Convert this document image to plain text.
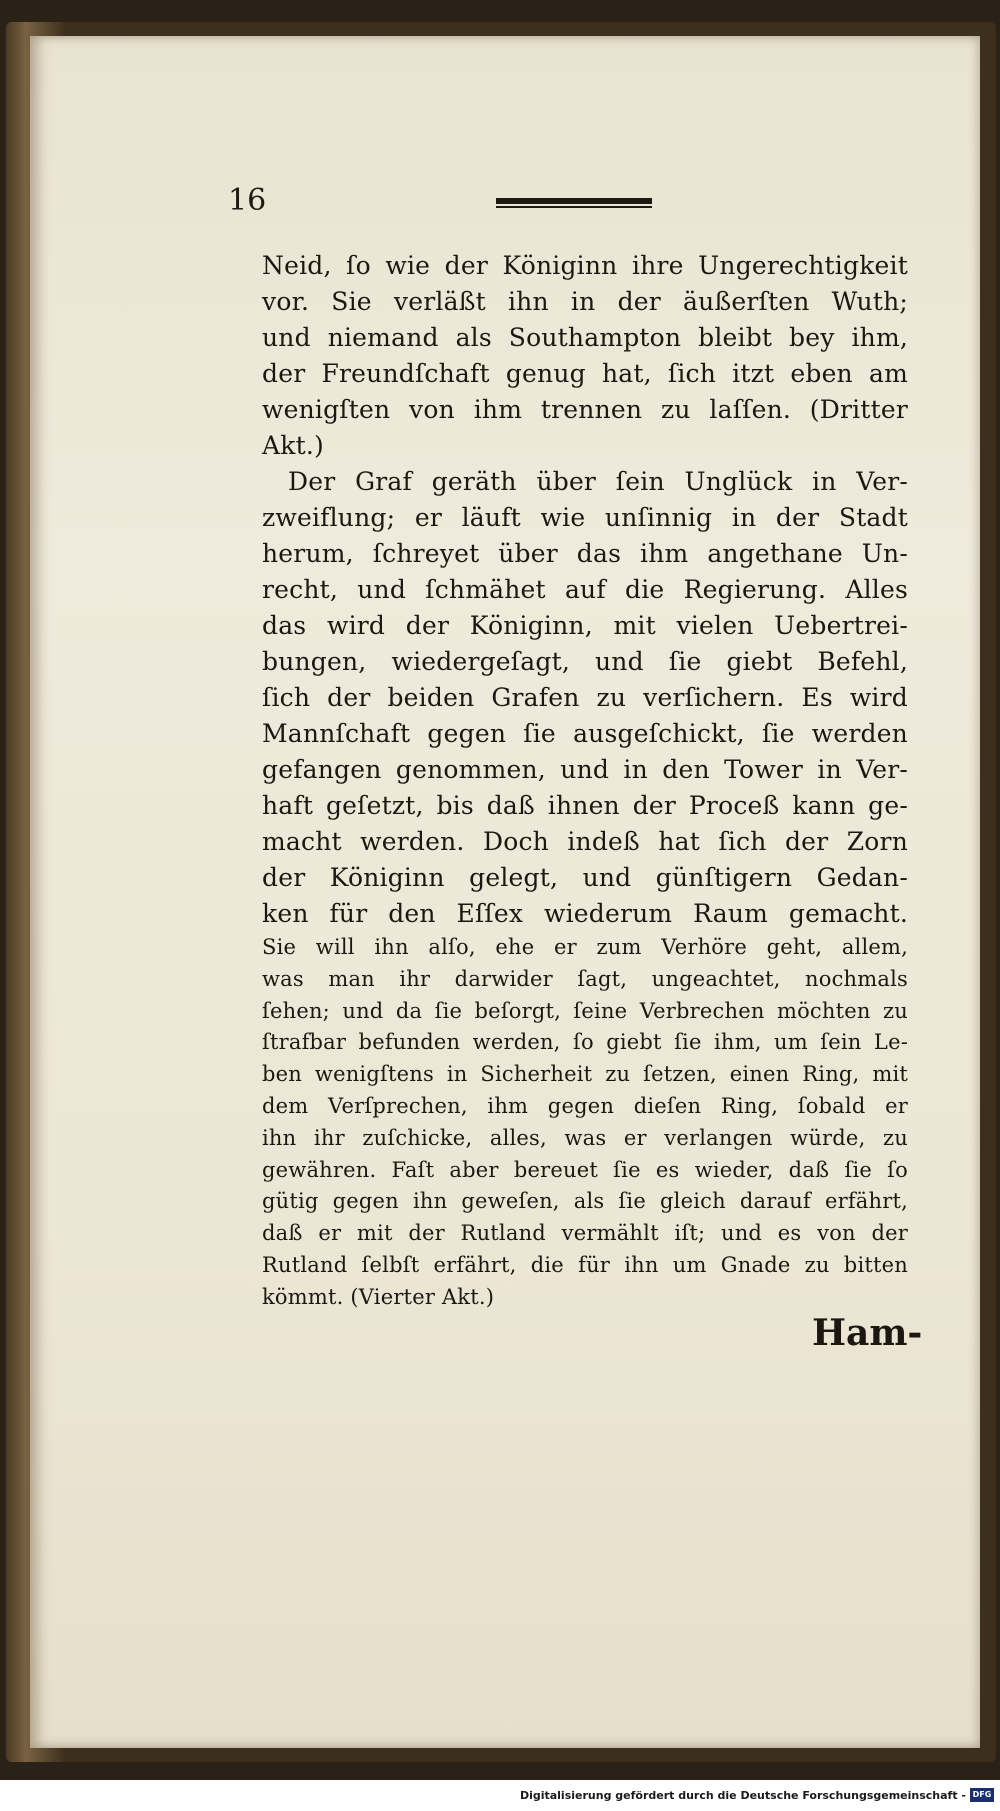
16
Neid, ſo wie der Königinn ihre Ungerechtigkeit
vor. Sie verläßt ihn in der äußerſten Wuth;
und niemand als Southampton bleibt bey ihm,
der Freundſchaft genug hat, ſich itzt eben am
wenigſten von ihm trennen zu laſſen. (Dritter
Akt.)
Der Graf geräth über ſein Unglück in Ver-
zweiflung; er läuft wie unſinnig in der Stadt
herum, ſchreyet über das ihm angethane Un-
recht, und ſchmähet auf die Regierung. Alles
das wird der Königinn, mit vielen Uebertrei-
bungen, wiedergeſagt, und ſie giebt Befehl,
ſich der beiden Grafen zu verſichern. Es wird
Mannſchaft gegen ſie ausgeſchickt, ſie werden
gefangen genommen, und in den Tower in Ver-
haft geſetzt, bis daß ihnen der Proceß kann ge-
macht werden. Doch indeß hat ſich der Zorn
der Königinn gelegt, und günſtigern Gedan-
ken für den Eſſex wiederum Raum gemacht.
Sie will ihn alſo, ehe er zum Verhöre geht, allem,
was man ihr darwider ſagt, ungeachtet, nochmals
ſehen; und da ſie beſorgt, ſeine Verbrechen möchten zu
ſtrafbar befunden werden, ſo giebt ſie ihm, um ſein Le-
ben wenigſtens in Sicherheit zu ſetzen, einen Ring, mit
dem Verſprechen, ihm gegen dieſen Ring, ſobald er
ihn ihr zuſchicke, alles, was er verlangen würde, zu
gewähren. Faſt aber bereuet ſie es wieder, daß ſie ſo
gütig gegen ihn geweſen, als ſie gleich darauf erfährt,
daß er mit der Rutland vermählt iſt; und es von der
Rutland ſelbſt erfährt, die für ihn um Gnade zu bitten
kömmt. (Vierter Akt.)
Ham-
Digitalisierung gefördert durch die Deutsche Forschungsgemeinschaft - DFG
